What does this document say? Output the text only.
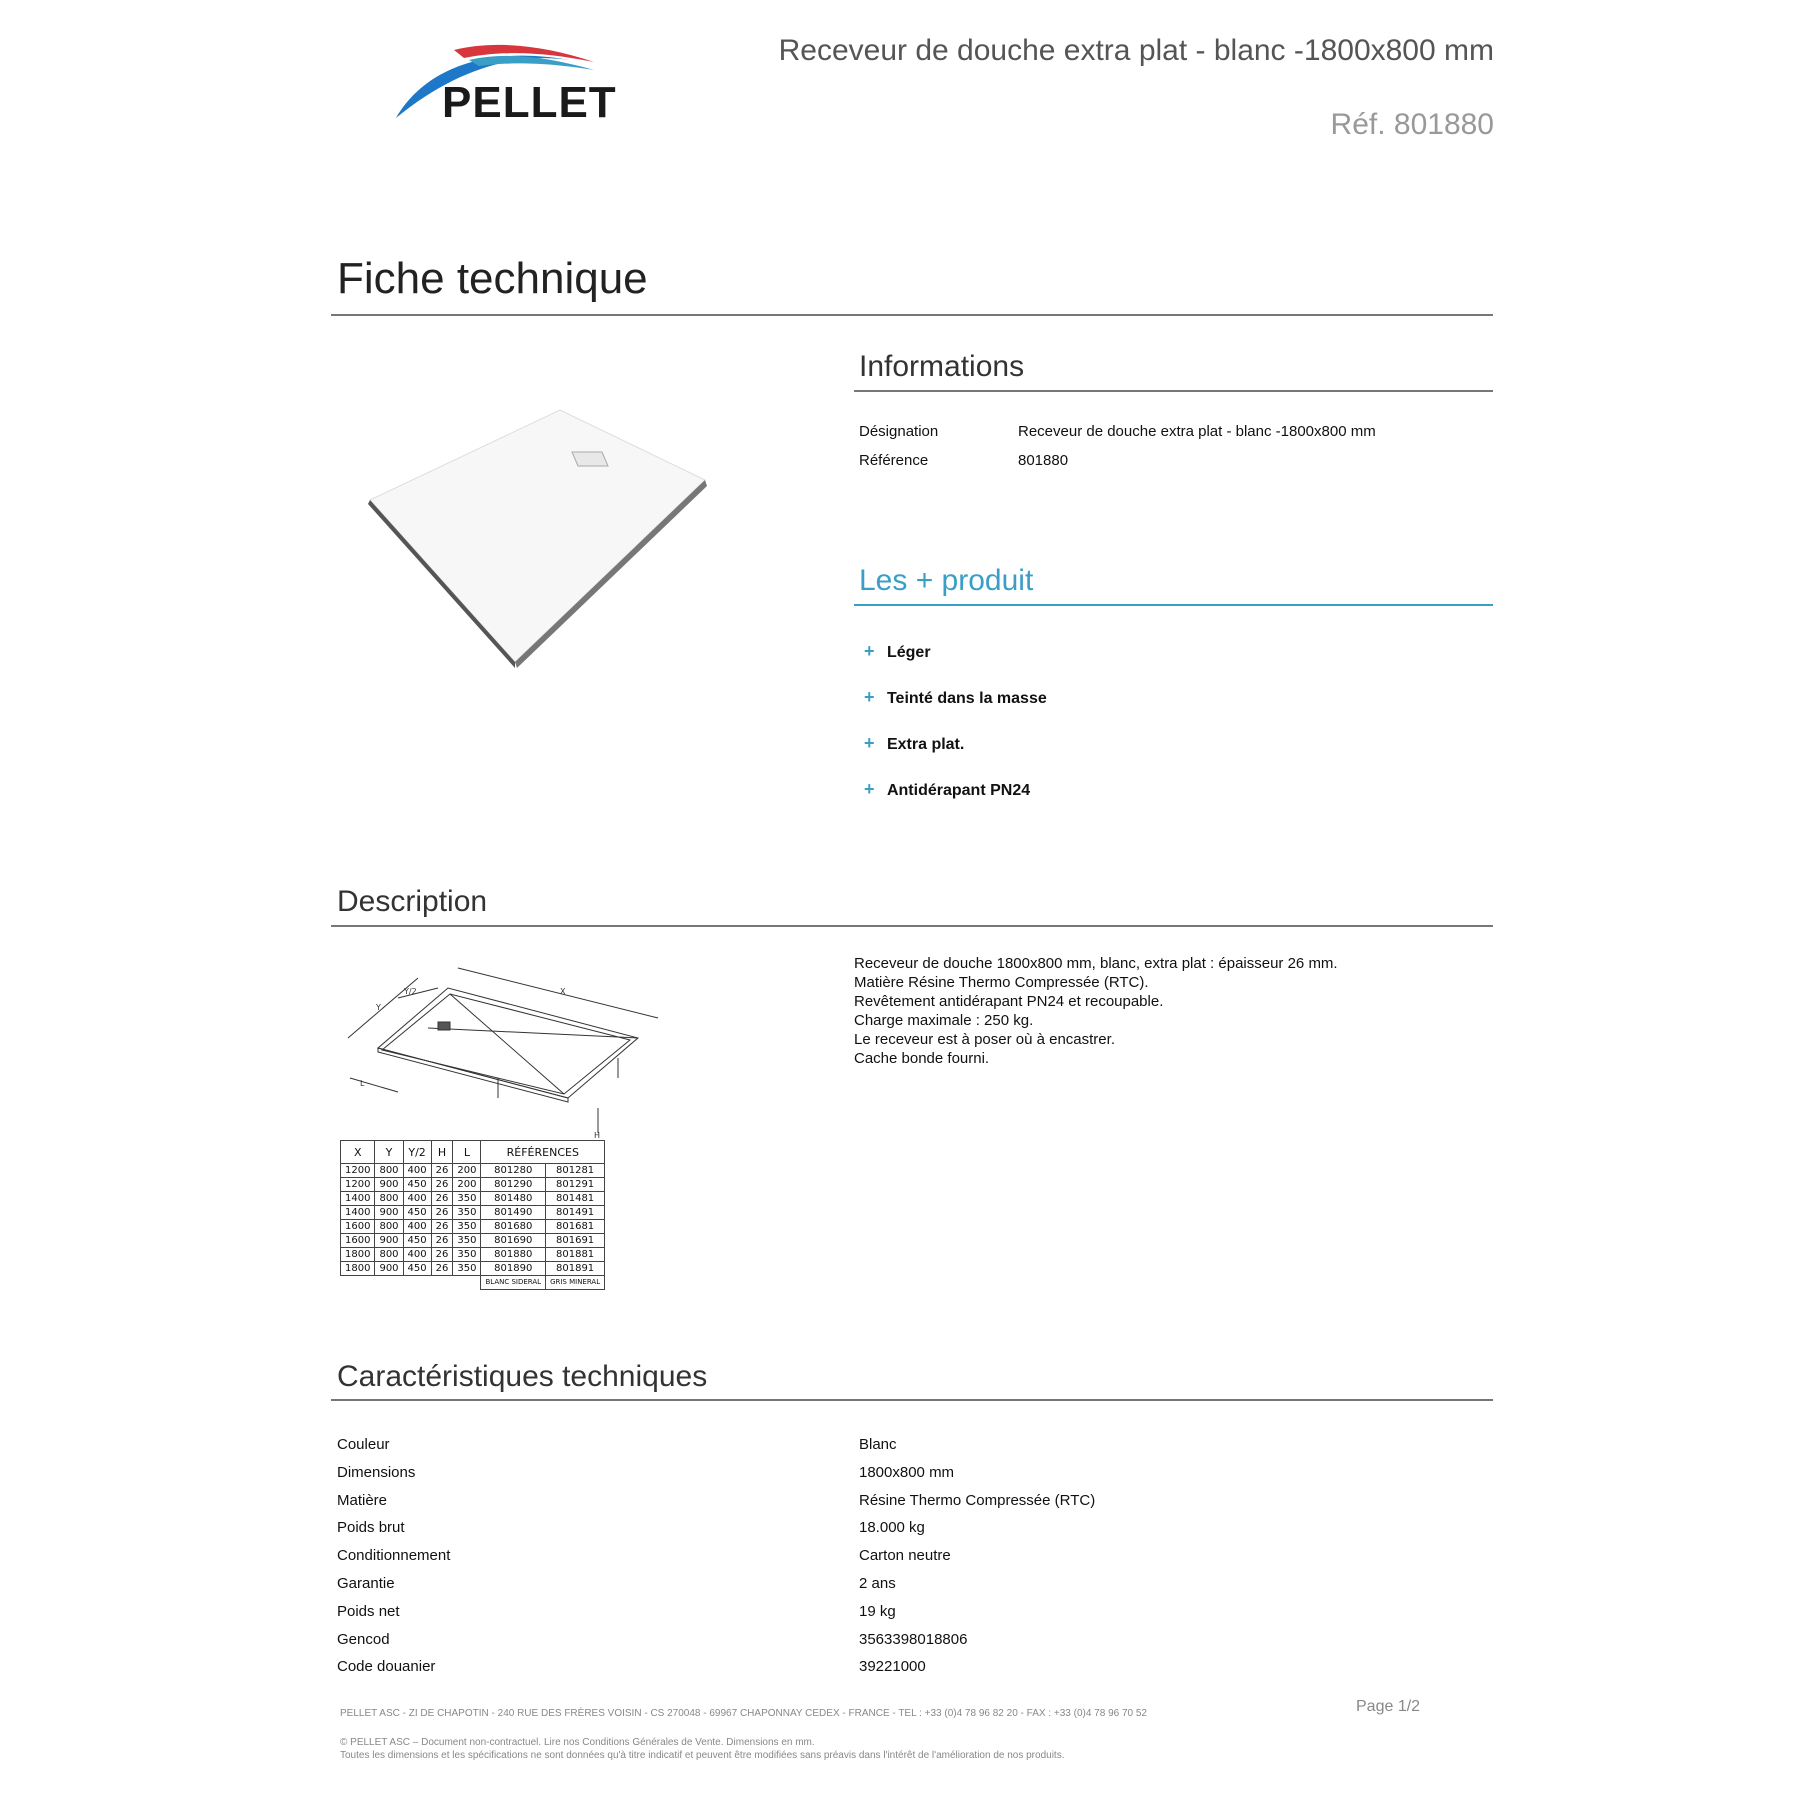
PELLET
Receveur de douche extra plat - blanc -1800x800 mm
Réf. 801880
Fiche technique
Informations
Désignation	Receveur de douche extra plat - blanc -1800x800 mm
Référence	801880
Les + produit
+ Léger
+ Teinté dans la masse
+ Extra plat.
+ Antidérapant PN24
Description
X
Y
Y/2
L
H
X	Y	Y/2	H	L	RÉFÉRENCES	
1200	800	400	26	200	801280	801281
1200	900	450	26	200	801290	801291
1400	800	400	26	350	801480	801481
1400	900	450	26	350	801490	801491
1600	800	400	26	350	801680	801681
1600	900	450	26	350	801690	801691
1800	800	400	26	350	801880	801881
1800	900	450	26	350	801890	801891
					BLANC SIDERAL	GRIS MINERAL
Receveur de douche 1800x800 mm, blanc, extra plat : épaisseur 26 mm.
Matière Résine Thermo Compressée (RTC).
Revêtement antidérapant PN24 et recoupable.
Charge maximale : 250 kg.
Le receveur est à poser où à encastrer.
Cache bonde fourni.
Caractéristiques techniques
Couleur	Blanc
Dimensions	1800x800 mm
Matière	Résine Thermo Compressée (RTC)
Poids brut	18.000 kg
Conditionnement	Carton neutre
Garantie	2 ans
Poids net	19 kg
Gencod	3563398018806
Code douanier	39221000
PELLET ASC - ZI DE CHAPOTIN - 240 RUE DES FRÈRES VOISIN - CS 270048 - 69967 CHAPONNAY CEDEX - FRANCE - TEL : +33 (0)4 78 96 82 20 - FAX : +33 (0)4 78 96 70 52	Page 1/2
© PELLET ASC – Document non-contractuel. Lire nos Conditions Générales de Vente. Dimensions en mm.
Toutes les dimensions et les spécifications ne sont données qu'à titre indicatif et peuvent être modifiées sans préavis dans l'intérêt de l'amélioration de nos produits.
